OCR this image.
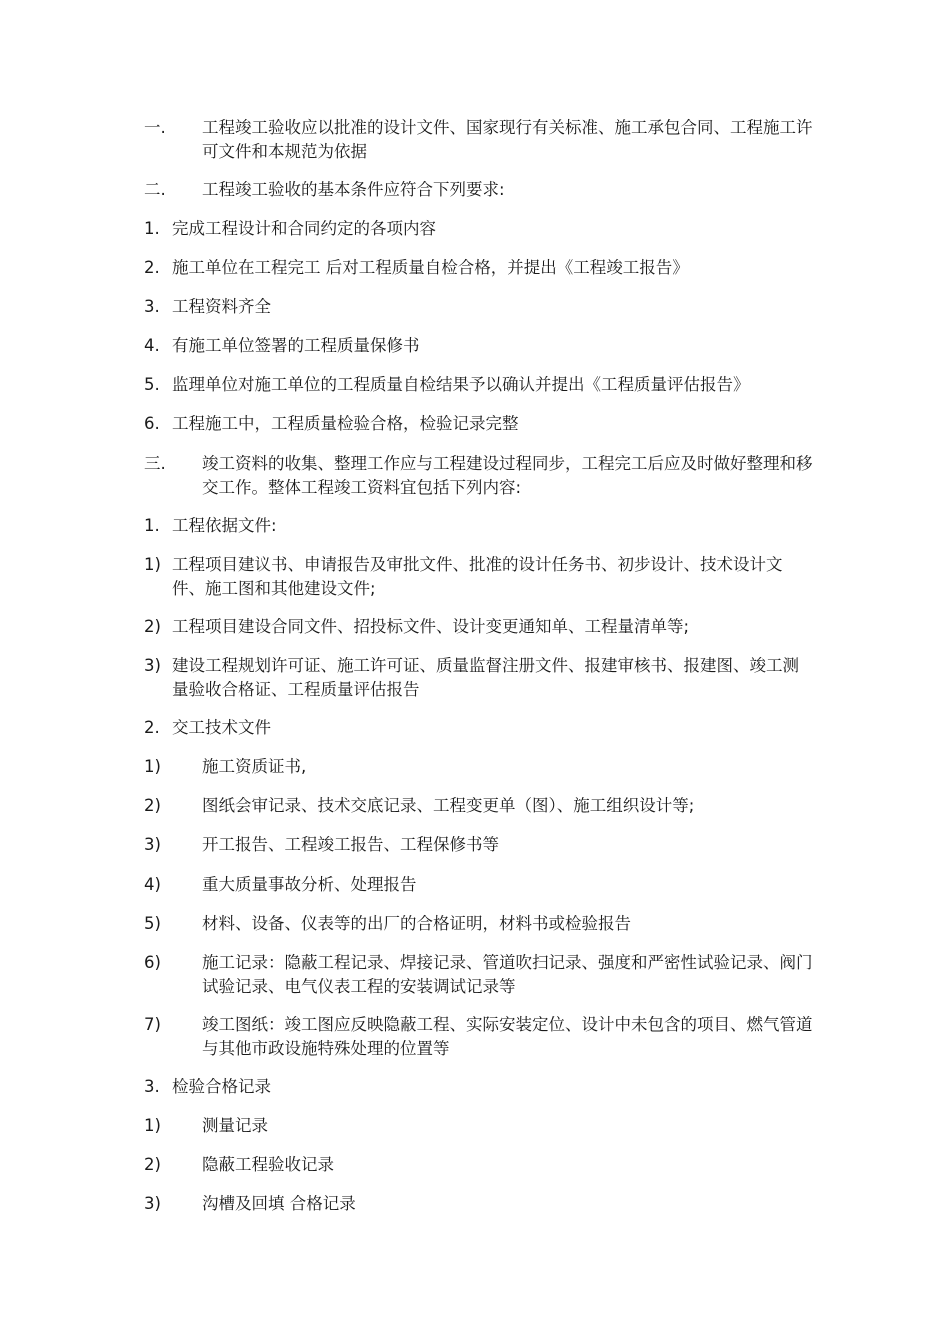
一. 工程竣工验收应以批准的设计文件、国家现行有关标准、施工承包合同、工程施工许可文件和本规范为依据
二. 工程竣工验收的基本条件应符合下列要求:
1. 完成工程设计和合同约定的各项内容
2. 施工单位在工程完工 后对工程质量自检合格，并提出《工程竣工报告》
3. 工程资料齐全
4. 有施工单位签署的工程质量保修书
5. 监理单位对施工单位的工程质量自检结果予以确认并提出《工程质量评估报告》
6. 工程施工中，工程质量检验合格，检验记录完整
三. 竣工资料的收集、整理工作应与工程建设过程同步，工程完工后应及时做好整理和移交工作。整体工程竣工资料宜包括下列内容:
1. 工程依据文件:
1) 工程项目建议书、申请报告及审批文件、批准的设计任务书、初步设计、技术设计文件、施工图和其他建设文件;
2) 工程项目建设合同文件、招投标文件、设计变更通知单、工程量清单等;
3) 建设工程规划许可证、施工许可证、质量监督注册文件、报建审核书、报建图、竣工测量验收合格证、工程质量评估报告
2. 交工技术文件
1) 施工资质证书,
2) 图纸会审记录、技术交底记录、工程变更单（图）、施工组织设计等;
3) 开工报告、工程竣工报告、工程保修书等
4) 重大质量事故分析、处理报告
5) 材料、设备、仪表等的出厂的合格证明，材料书或检验报告
6) 施工记录：隐蔽工程记录、焊接记录、管道吹扫记录、强度和严密性试验记录、阀门试验记录、电气仪表工程的安装调试记录等
7) 竣工图纸：竣工图应反映隐蔽工程、实际安装定位、设计中未包含的项目、燃气管道与其他市政设施特殊处理的位置等
3. 检验合格记录
1) 测量记录
2) 隐蔽工程验收记录
3) 沟槽及回填 合格记录
